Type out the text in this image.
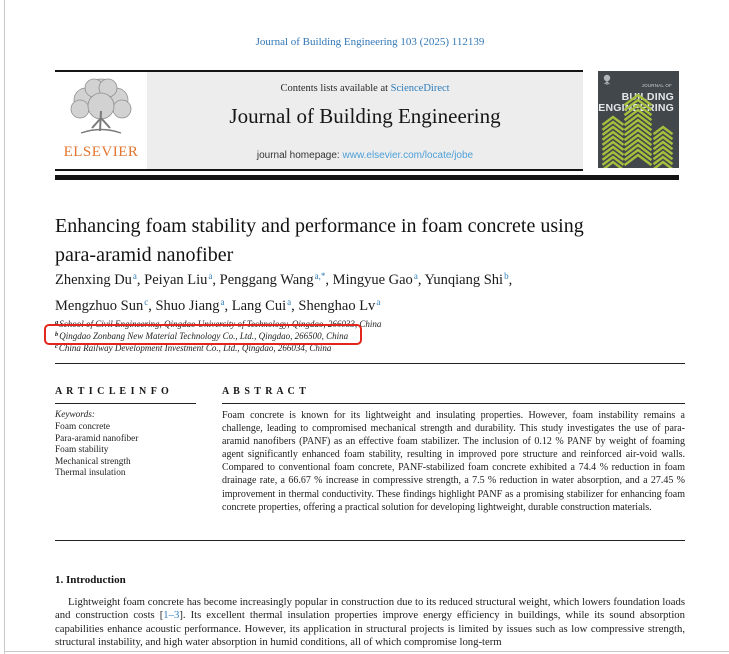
Journal of Building Engineering 103 (2025) 112139
ELSEVIER
Contents lists available at ScienceDirect
Journal of Building Engineering
journal homepage: www.elsevier.com/locate/jobe
JOURNAL OFBUILDING
ENGINEERING
Enhancing foam stability and performance in foam concrete using
para-aramid nanofiber
Zhenxing Du$^a$, Peiyan Liu$^a$, Penggang Wang$^{a,*}$, Mingyue Gao$^a$, Yunqiang Shi$^b$,
Mengzhuo Sun$^c$, Shuo Jiang$^a$, Lang Cui$^a$, Shenghao Lv$^a$
$^a$School of Civil Engineering, Qingdao University of Technology, Qingdao, 266033, China
$^b$Qingdao Zonbang New Material Technology Co., Ltd., Qingdao, 266500, China
$^c$China Railway Development Investment Co., Ltd., Qingdao, 266034, China
A R T I C L E I N F O
Keywords:
Foam concrete
Para-aramid nanofiber
Foam stability
Mechanical strength
Thermal insulation
A B S T R A C T
Foam concrete is known for its lightweight and insulating properties. However, foam instability remains a challenge, leading to compromised mechanical strength and durability. This study investigates the use of para-aramid nanofibers (PANF) as an effective foam stabilizer. The inclusion of 0.12 % PANF by weight of foaming agent significantly enhanced foam stability, resulting in improved pore structure and reinforced air-void walls. Compared to conventional foam concrete, PANF-stabilized foam concrete exhibited a 74.4 % reduction in foam drainage rate, a 66.67 % increase in compressive strength, a 7.5 % reduction in water absorption, and a 27.45 % improvement in thermal conductivity. These findings highlight PANF as a promising stabilizer for enhancing foam concrete properties, offering a practical solution for developing lightweight, durable construction materials.
1. Introduction
Lightweight foam concrete has become increasingly popular in construction due to its reduced structural weight, which lowers foundation loads and construction costs [1–3]. Its excellent thermal insulation properties improve energy efficiency in buildings, while its sound absorption capabilities enhance acoustic performance. However, its application in structural projects is limited by issues such as low compressive strength, structural instability, and high water absorption in humid conditions, all of which compromise long-term
